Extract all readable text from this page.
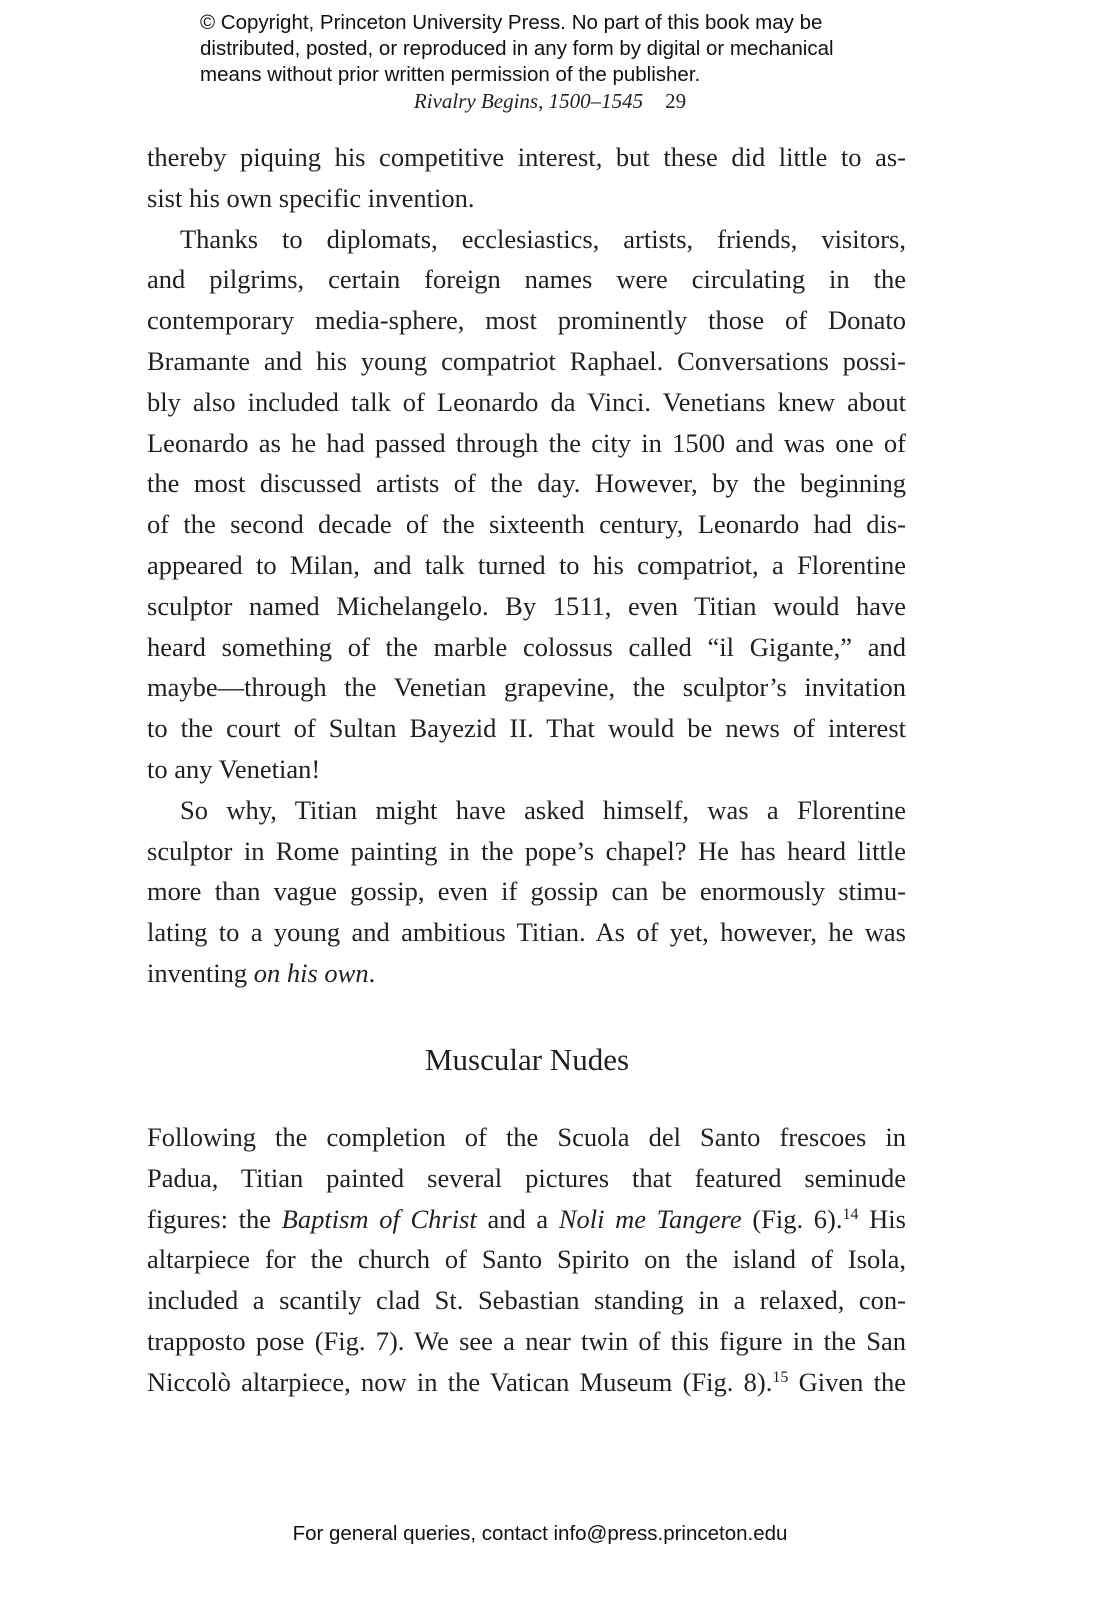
© Copyright, Princeton University Press. No part of this book may be
distributed, posted, or reproduced in any form by digital or mechanical
means without prior written permission of the publisher.
Rivalry Begins, 1500–1545 29
thereby piquing his competitive interest, but these did little to as-
sist his own specific invention.
Thanks to diplomats, ecclesiastics, artists, friends, visitors,
and pilgrims, certain foreign names were circulating in the
contemporary media-sphere, most prominently those of Donato
Bramante and his young compatriot Raphael. Conversations possi-
bly also included talk of Leonardo da Vinci. Venetians knew about
Leonardo as he had passed through the city in 1500 and was one of
the most discussed artists of the day. However, by the beginning
of the second decade of the sixteenth century, Leonardo had dis-
appeared to Milan, and talk turned to his compatriot, a Florentine
sculptor named Michelangelo. By 1511, even Titian would have
heard something of the marble colossus called “il Gigante,” and
maybe—through the Venetian grapevine, the sculptor’s invitation
to the court of Sultan Bayezid II. That would be news of interest
to any Venetian!
So why, Titian might have asked himself, was a Florentine
sculptor in Rome painting in the pope’s chapel? He has heard little
more than vague gossip, even if gossip can be enormously stimu-
lating to a young and ambitious Titian. As of yet, however, he was
inventing on his own.
Muscular Nudes
Following the completion of the Scuola del Santo frescoes in
Padua, Titian painted several pictures that featured seminude
figures: the Baptism of Christ and a Noli me Tangere (Fig. 6).$^{14}$ His
altarpiece for the church of Santo Spirito on the island of Isola,
included a scantily clad St. Sebastian standing in a relaxed, con-
trapposto pose (Fig. 7). We see a near twin of this figure in the San
Niccolò altarpiece, now in the Vatican Museum (Fig. 8).$^{15}$ Given the
For general queries, contact info@press.princeton.edu
